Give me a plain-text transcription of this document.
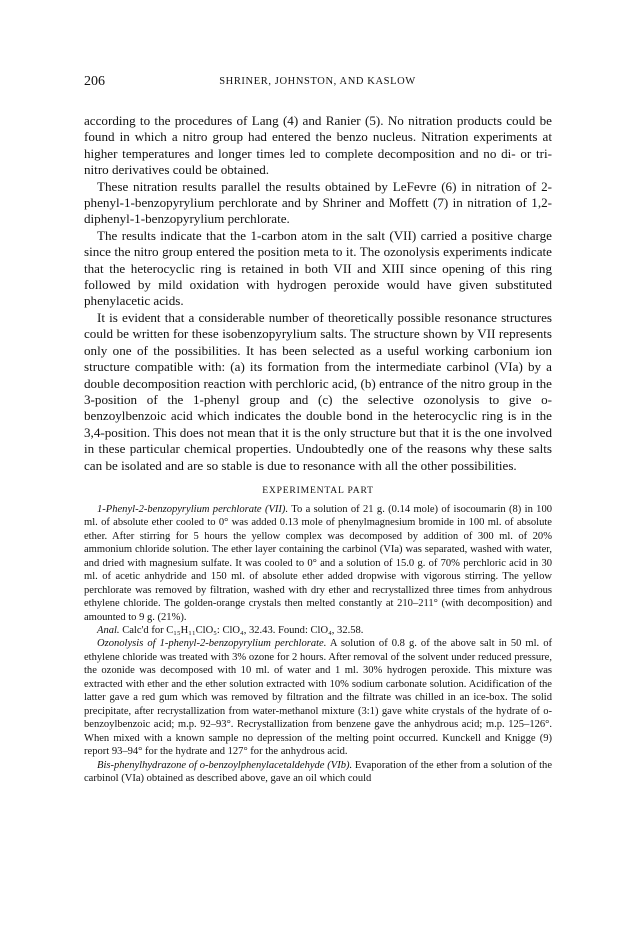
206	SHRINER, JOHNSTON, AND KASLOW

according to the procedures of Lang (4) and Ranier (5). No nitration products could be found in which a nitro group had entered the benzo nucleus. Nitration experiments at higher temperatures and longer times led to complete decomposition and no di- or tri-nitro derivatives could be obtained.

These nitration results parallel the results obtained by LeFevre (6) in nitration of 2-phenyl-1-benzopyrylium perchlorate and by Shriner and Moffett (7) in nitration of 1,2-diphenyl-1-benzopyrylium perchlorate.

The results indicate that the 1-carbon atom in the salt (VII) carried a positive charge since the nitro group entered the position meta to it. The ozonolysis experiments indicate that the heterocyclic ring is retained in both VII and XIII since opening of this ring followed by mild oxidation with hydrogen peroxide would have given substituted phenylacetic acids.

It is evident that a considerable number of theoretically possible resonance structures could be written for these isobenzopyrylium salts. The structure shown by VII represents only one of the possibilities. It has been selected as a useful working carbonium ion structure compatible with: (a) its formation from the intermediate carbinol (VIa) by a double decomposition reaction with perchloric acid, (b) entrance of the nitro group in the 3-position of the 1-phenyl group and (c) the selective ozonolysis to give o-benzoylbenzoic acid which indicates the double bond in the heterocyclic ring is in the 3,4-position. This does not mean that it is the only structure but that it is the one involved in these particular chemical properties. Undoubtedly one of the reasons why these salts can be isolated and are so stable is due to resonance with all the other possibilities.

EXPERIMENTAL PART

1-Phenyl-2-benzopyrylium perchlorate (VII). To a solution of 21 g. (0.14 mole) of isocoumarin (8) in 100 ml. of absolute ether cooled to 0° was added 0.13 mole of phenylmagnesium bromide in 100 ml. of absolute ether. After stirring for 5 hours the yellow complex was decomposed by addition of 300 ml. of 20% ammonium chloride solution. The ether layer containing the carbinol (VIa) was separated, washed with water, and dried with magnesium sulfate. It was cooled to 0° and a solution of 15.0 g. of 70% perchloric acid in 30 ml. of acetic anhydride and 150 ml. of absolute ether added dropwise with vigorous stirring. The yellow perchlorate was removed by filtration, washed with dry ether and recrystallized three times from anhydrous ethylene chloride. The golden-orange crystals then melted constantly at 210–211° (with decomposition) and amounted to 9 g. (21%).

Anal. Calc'd for C₁₅H₁₁ClO₅: ClO₄, 32.43. Found: ClO₄, 32.58.

Ozonolysis of 1-phenyl-2-benzopyrylium perchlorate. A solution of 0.8 g. of the above salt in 50 ml. of ethylene chloride was treated with 3% ozone for 2 hours. After removal of the solvent under reduced pressure, the ozonide was decomposed with 10 ml. of water and 1 ml. 30% hydrogen peroxide. This mixture was extracted with ether and the ether solution extracted with 10% sodium carbonate solution. Acidification of the latter gave a red gum which was removed by filtration and the filtrate was chilled in an ice-box. The solid precipitate, after recrystallization from water-methanol mixture (3:1) gave white crystals of the hydrate of o-benzoylbenzoic acid; m.p. 92–93°. Recrystallization from benzene gave the anhydrous acid; m.p. 125–126°. When mixed with a known sample no depression of the melting point occurred. Kunckell and Knigge (9) report 93–94° for the hydrate and 127° for the anhydrous acid.

Bis-phenylhydrazone of o-benzoylphenylacetaldehyde (VIb). Evaporation of the ether from a solution of the carbinol (VIa) obtained as described above, gave an oil which could
